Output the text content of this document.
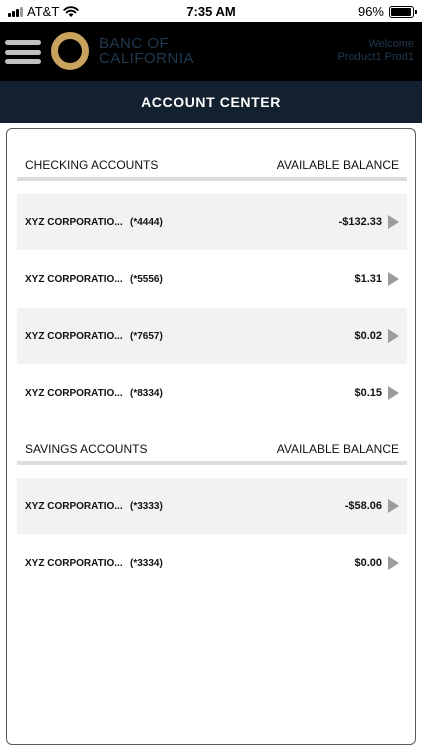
AT&T	7:35 AM	96%
BANC OF
CALIFORNIA
Welcome
Product1 Prod1
ACCOUNT CENTER
CHECKING ACCOUNTS	AVAILABLE BALANCE
XYZ CORPORATIO... (*4444)	-$132.33
XYZ CORPORATIO... (*5556)	$1.31
XYZ CORPORATIO... (*7657)	$0.02
XYZ CORPORATIO... (*8334)	$0.15
SAVINGS ACCOUNTS	AVAILABLE BALANCE
XYZ CORPORATIO... (*3333)	-$58.06
XYZ CORPORATIO... (*3334)	$0.00
